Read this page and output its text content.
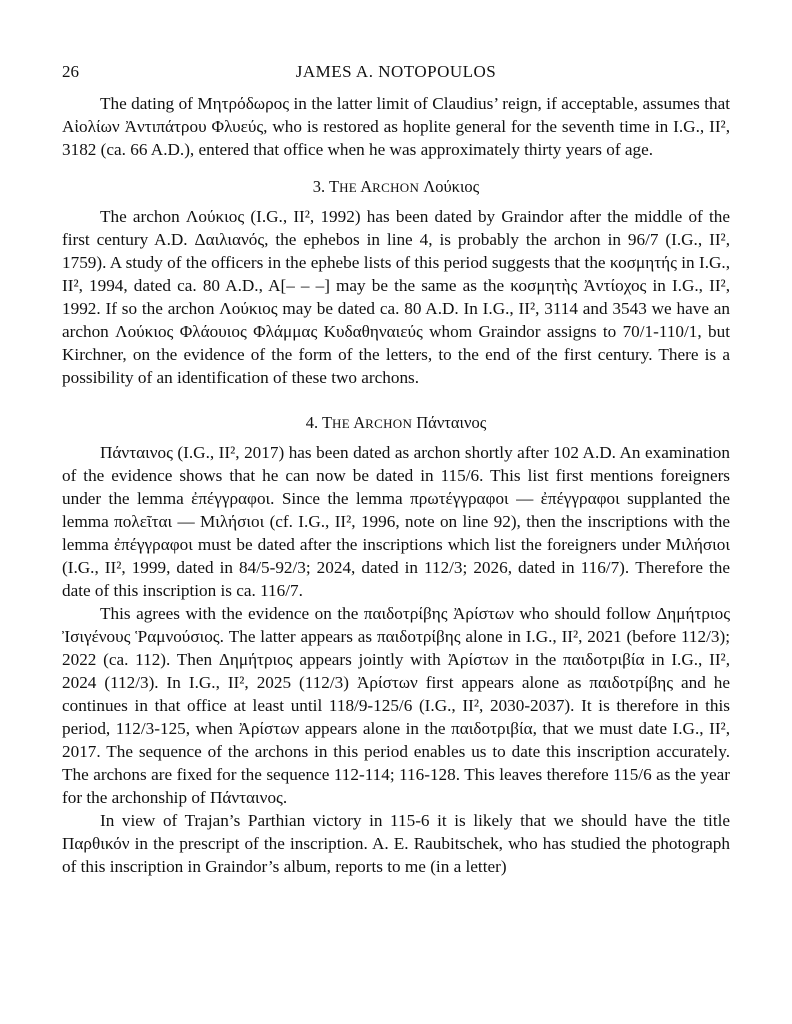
26	JAMES A. NOTOPOULOS

The dating of Μητρόδωρος in the latter limit of Claudius’ reign, if acceptable, assumes that Αἰολίων Ἀντιπάτρου Φλυεύς, who is restored as hoplite general for the seventh time in I.G., II², 3182 (ca. 66 A.D.), entered that office when he was approximately thirty years of age.

3. THE ARCHON Λούκιος

The archon Λούκιος (I.G., II², 1992) has been dated by Graindor after the middle of the first century A.D. Δαιλιανός, the ephebos in line 4, is probably the archon in 96/7 (I.G., II², 1759). A study of the officers in the ephebe lists of this period suggests that the κοσμητής in I.G., II², 1994, dated ca. 80 A.D., A[– – –] may be the same as the κοσμητὴς Ἀντίοχος in I.G., II², 1992. If so the archon Λούκιος may be dated ca. 80 A.D. In I.G., II², 3114 and 3543 we have an archon Λούκιος Φλάουιος Φλάμμας Κυδαθηναιεύς whom Graindor assigns to 70/1-110/1, but Kirchner, on the evidence of the form of the letters, to the end of the first century. There is a possibility of an identification of these two archons.

4. THE ARCHON Πάνταινος

Πάνταινος (I.G., II², 2017) has been dated as archon shortly after 102 A.D. An examination of the evidence shows that he can now be dated in 115/6. This list first mentions foreigners under the lemma ἐπέγγραφοι. Since the lemma πρωτέγγραφοι — ἐπέγγραφοι supplanted the lemma πολεῖται — Μιλήσιοι (cf. I.G., II², 1996, note on line 92), then the inscriptions with the lemma ἐπέγγραφοι must be dated after the inscriptions which list the foreigners under Μιλήσιοι (I.G., II², 1999, dated in 84/5-92/3; 2024, dated in 112/3; 2026, dated in 116/7). Therefore the date of this inscription is ca. 116/7.

This agrees with the evidence on the παιδοτρίβης Ἀρίστων who should follow Δημήτριος Ἰσιγένους Ῥαμνούσιος. The latter appears as παιδοτρίβης alone in I.G., II², 2021 (before 112/3); 2022 (ca. 112). Then Δημήτριος appears jointly with Ἀρίστων in the παιδοτριβία in I.G., II², 2024 (112/3). In I.G., II², 2025 (112/3) Ἀρίστων first appears alone as παιδοτρίβης and he continues in that office at least until 118/9-125/6 (I.G., II², 2030-2037). It is therefore in this period, 112/3-125, when Ἀρίστων appears alone in the παιδοτριβία, that we must date I.G., II², 2017. The sequence of the archons in this period enables us to date this inscription accurately. The archons are fixed for the sequence 112-114; 116-128. This leaves therefore 115/6 as the year for the archonship of Πάνταινος.

In view of Trajan’s Parthian victory in 115-6 it is likely that we should have the title Παρθικόν in the prescript of the inscription. A. E. Raubitschek, who has studied the photograph of this inscription in Graindor’s album, reports to me (in a letter)
